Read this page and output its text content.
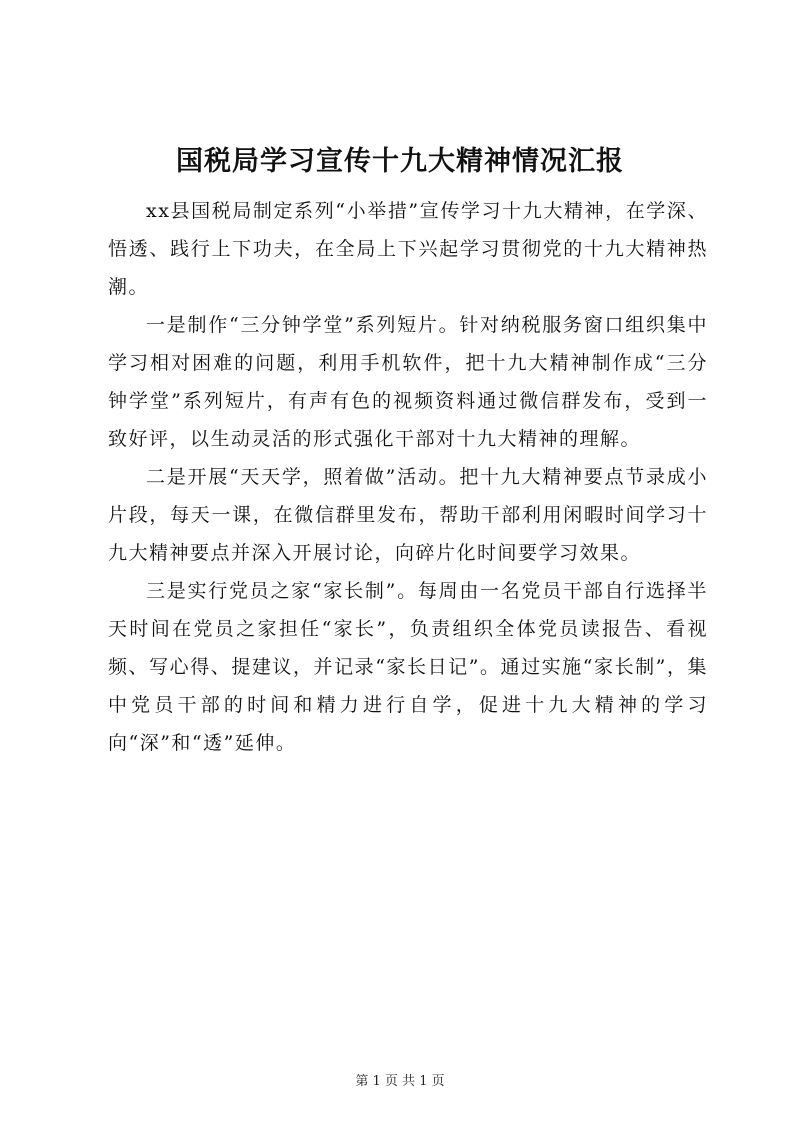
国税局学习宣传十九大精神情况汇报

xx县国税局制定系列“小举措”宣传学习十九大精神，在学深、悟透、践行上下功夫，在全局上下兴起学习贯彻党的十九大精神热潮。

一是制作“三分钟学堂”系列短片。针对纳税服务窗口组织集中学习相对困难的问题，利用手机软件，把十九大精神制作成“三分钟学堂”系列短片，有声有色的视频资料通过微信群发布，受到一致好评，以生动灵活的形式强化干部对十九大精神的理解。

二是开展“天天学，照着做”活动。把十九大精神要点节录成小片段，每天一课，在微信群里发布，帮助干部利用闲暇时间学习十九大精神要点并深入开展讨论，向碎片化时间要学习效果。

三是实行党员之家“家长制”。每周由一名党员干部自行选择半天时间在党员之家担任“家长”，负责组织全体党员读报告、看视频、写心得、提建议，并记录“家长日记”。通过实施“家长制”，集中党员干部的时间和精力进行自学，促进十九大精神的学习向“深”和“透”延伸。

第 1 页 共 1 页
